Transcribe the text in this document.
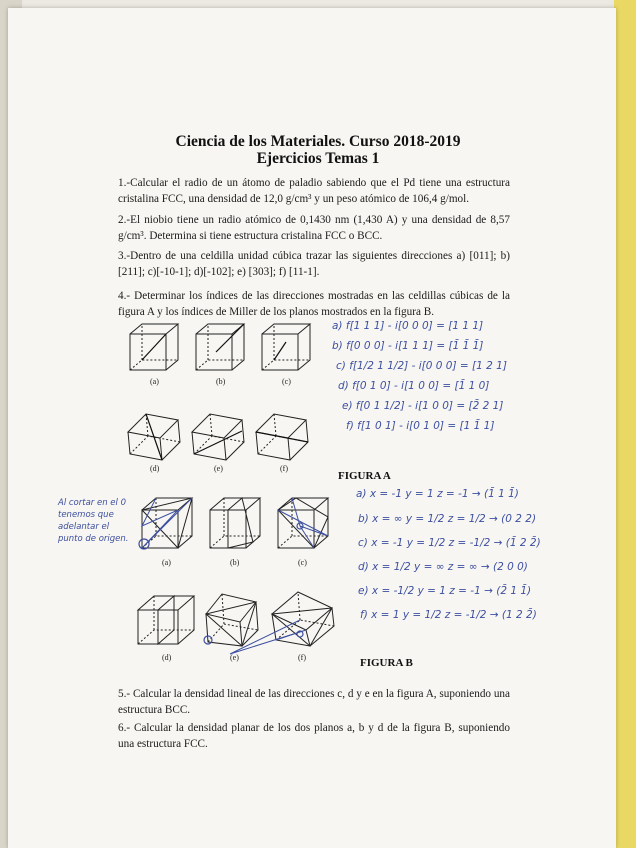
Ciencia de los Materiales. Curso 2018-2019
Ejercicios Temas 1

1.-Calcular el radio de un átomo de paladio sabiendo que el Pd tiene una estructura cristalina FCC, una densidad de 12,0 g/cm³ y un peso atómico de 106,4 g/mol.

2.-El niobio tiene un radio atómico de 0,1430 nm (1,430 A) y una densidad de 8,57 g/cm³. Determina si tiene estructura cristalina FCC o BCC.

3.-Dentro de una celdilla unidad cúbica trazar las siguientes direcciones a) [011]; b)[211]; c)[-10-1]; d)[-102]; e) [303]; f) [11-1].

4.- Determinar los índices de las direcciones mostradas en las celdillas cúbicas de la figura A y los índices de Miller de los planos mostrados en la figura B.

(a)	(b)	(c)
(d)	(e)	(f)
FIGURA A
a) f[1 1 1] - i[0 0 0] = [1 1 1]
b) f[0 0 0] - i[1 1 1] = [1̄ 1̄ 1̄]
c) f[1/2 1 1/2] - i[0 0 0] = [1 2 1]
d) f[0 1 0] - i[1 0 0] = [1̄ 1 0]
e) f[0 1 1/2] - i[1 0 0] = [2̄ 2 1]
f) f[1 0 1] - i[0 1 0] = [1 1̄ 1]
Al cortar en el 0 tenemos que adelantar el punto de origen.
(a)	(b)	(c)
(d)	(e)	(f)	FIGURA B
a) x = -1 y = 1 z = -1 → (1̄ 1 1̄)
b) x = ∞ y = 1/2 z = 1/2 → (0 2 2)
c) x = -1 y = 1/2 z = -1/2 → (1̄ 2 2̄)
d) x = 1/2 y = ∞ z = ∞ → (2 0 0)
e) x = -1/2 y = 1 z = -1 → (2̄ 1 1̄)
f) x = 1 y = 1/2 z = -1/2 → (1 2 2̄)

5.- Calcular la densidad lineal de las direcciones c, d y e en la figura A, suponiendo una estructura BCC.

6.- Calcular la densidad planar de los dos planos a, b y d de la figura B, suponiendo una estructura FCC.
